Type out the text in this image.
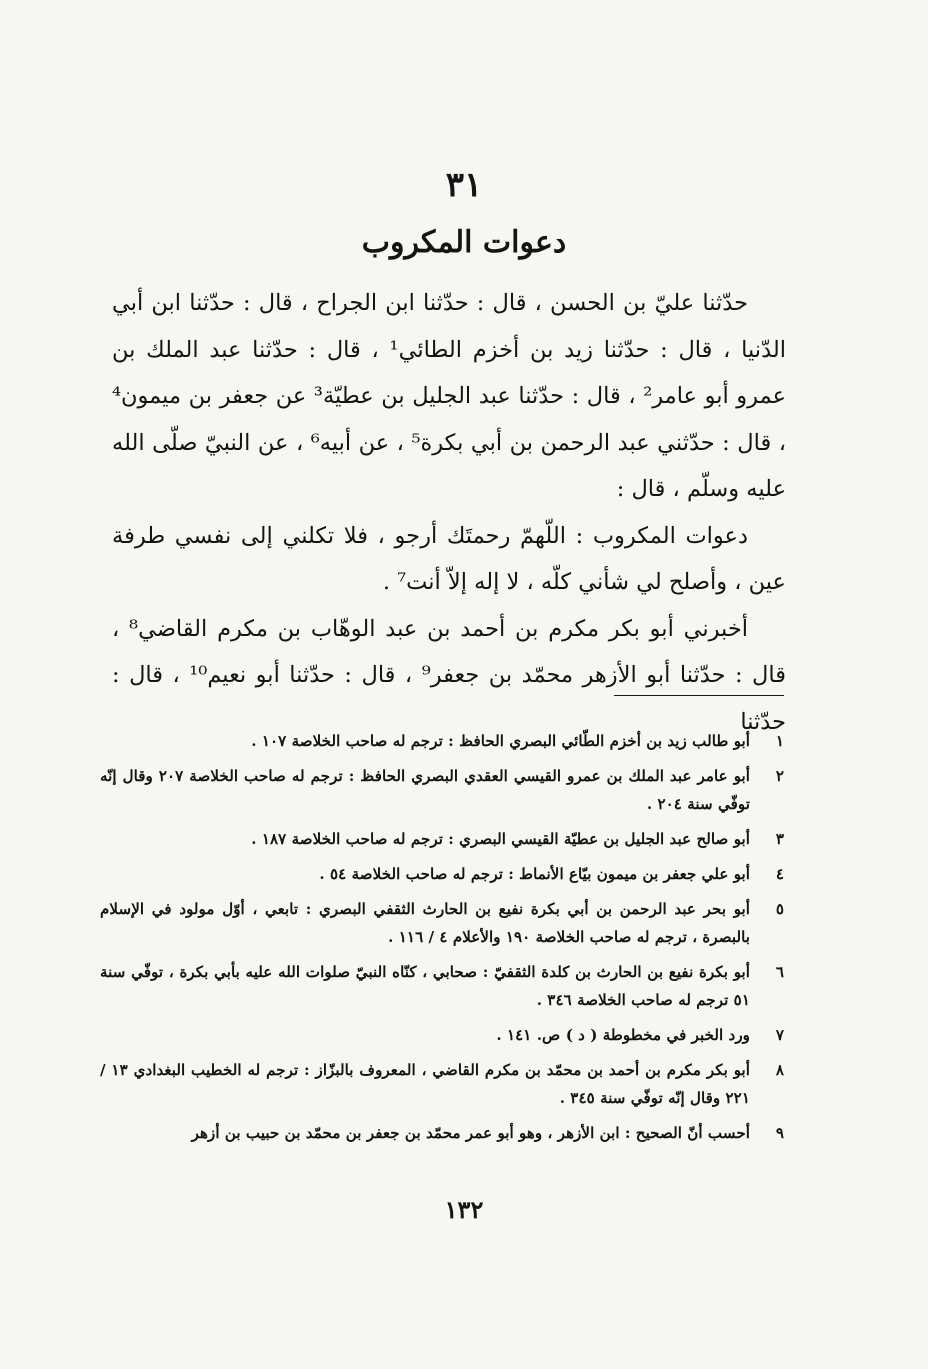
٣١
دعوات المكروب

حدّثنا عليّ بن الحسن ، قال : حدّثنا ابن الجراح ، قال : حدّثنا ابن أبي الدّنيا ، قال : حدّثنا زيد بن أخزم الطائي¹ ، قال : حدّثنا عبد الملك بن عمرو أبو عامر² ، قال : حدّثنا عبد الجليل بن عطيّة³ عن جعفر بن ميمون⁴ ، قال : حدّثني عبد الرحمن بن أبي بكرة⁵ ، عن أبيه⁶ ، عن النبيّ صلّى الله عليه وسلّم ، قال :

دعوات المكروب : اللّهمّ رحمتَك أرجو ، فلا تكلني إلى نفسي طرفة عين ، وأصلح لي شأني كلّه ، لا إله إلاّ أنت⁷ .

أخبرني أبو بكر مكرم بن أحمد بن عبد الوهّاب بن مكرم القاضي⁸ ، قال : حدّثنا أبو الأزهر محمّد بن جعفر⁹ ، قال : حدّثنا أبو نعيم¹⁰ ، قال : حدّثنا

١
أبو طالب زيد بن أخزم الطّائي البصري الحافظ : ترجم له صاحب الخلاصة ١٠٧ .
٢
أبو عامر عبد الملك بن عمرو القيسي العقدي البصري الحافظ : ترجم له صاحب الخلاصة ٢٠٧ وقال إنّه توفّي سنة ٢٠٤ .
٣
أبو صالح عبد الجليل بن عطيّة القيسي البصري : ترجم له صاحب الخلاصة ١٨٧ .
٤
أبو علي جعفر بن ميمون بيّاع الأنماط : ترجم له صاحب الخلاصة ٥٤ .
٥
أبو بحر عبد الرحمن بن أبي بكرة نفيع بن الحارث الثقفي البصري : تابعي ، أوّل مولود في الإسلام بالبصرة ، ترجم له صاحب الخلاصة ١٩٠ والأعلام ٤ / ١١٦ .
٦
أبو بكرة نفيع بن الحارث بن كلدة الثقفيّ : صحابي ، كنّاه النبيّ صلوات الله عليه بأبي بكرة ، توفّي سنة ٥١ ترجم له صاحب الخلاصة ٣٤٦ .
٧
ورد الخبر في مخطوطة ( د ) ص. ١٤١ .
٨
أبو بكر مكرم بن أحمد بن محمّد بن مكرم القاضي ، المعروف بالبزّاز : ترجم له الخطيب البغدادي ١٣ / ٢٢١ وقال إنّه توفّي سنة ٣٤٥ .
٩
أحسب أنّ الصحيح : ابن الأزهر ، وهو أبو عمر محمّد بن جعفر بن محمّد بن حبيب بن أزهر
١٣٢
